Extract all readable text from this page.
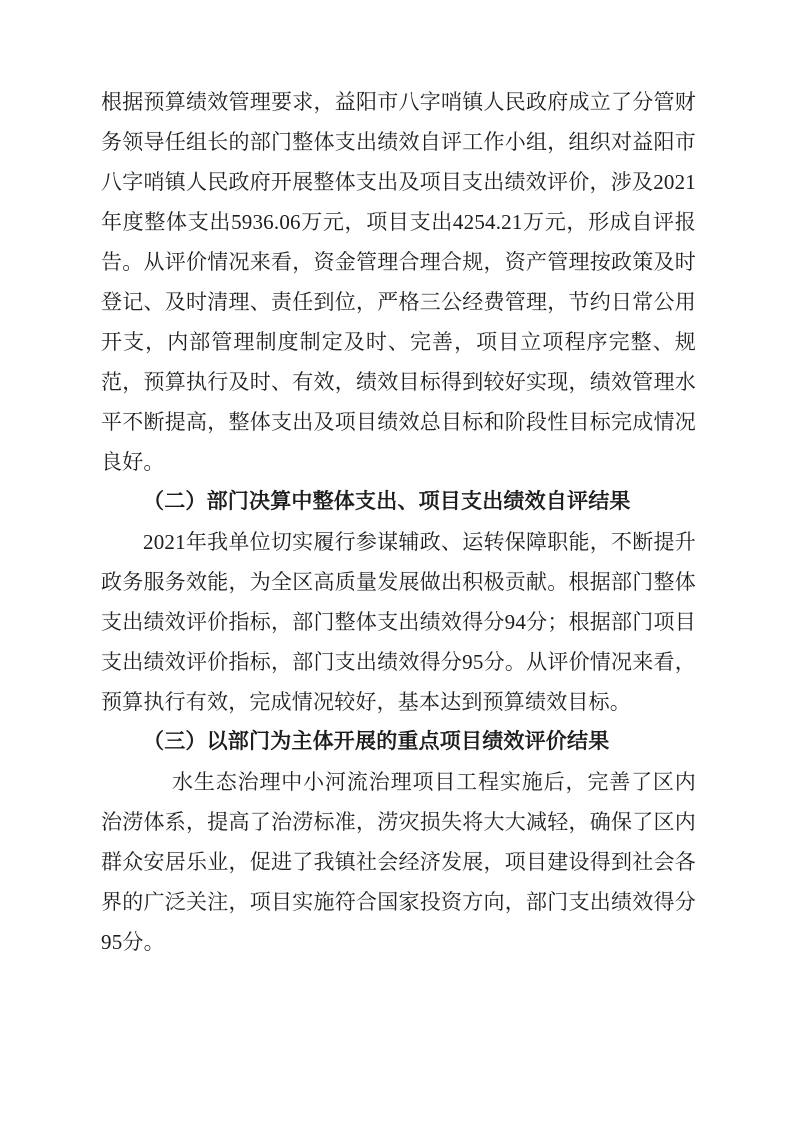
根据预算绩效管理要求，益阳市八字哨镇人民政府成立了分管财务领导任组长的部门整体支出绩效自评工作小组，组织对益阳市八字哨镇人民政府开展整体支出及项目支出绩效评价，涉及2021年度整体支出5936.06万元，项目支出4254.21万元，形成自评报告。从评价情况来看，资金管理合理合规，资产管理按政策及时登记、及时清理、责任到位，严格三公经费管理，节约日常公用开支，内部管理制度制定及时、完善，项目立项程序完整、规范，预算执行及时、有效，绩效目标得到较好实现，绩效管理水平不断提高，整体支出及项目绩效总目标和阶段性目标完成情况良好。

（二）部门决算中整体支出、项目支出绩效自评结果

2021年我单位切实履行参谋辅政、运转保障职能，不断提升政务服务效能，为全区高质量发展做出积极贡献。根据部门整体支出绩效评价指标，部门整体支出绩效得分94分；根据部门项目支出绩效评价指标，部门支出绩效得分95分。从评价情况来看，预算执行有效，完成情况较好，基本达到预算绩效目标。

（三）以部门为主体开展的重点项目绩效评价结果

水生态治理中小河流治理项目工程实施后，完善了区内治涝体系，提高了治涝标准，涝灾损失将大大减轻，确保了区内群众安居乐业，促进了我镇社会经济发展，项目建设得到社会各界的广泛关注，项目实施符合国家投资方向，部门支出绩效得分95分。
